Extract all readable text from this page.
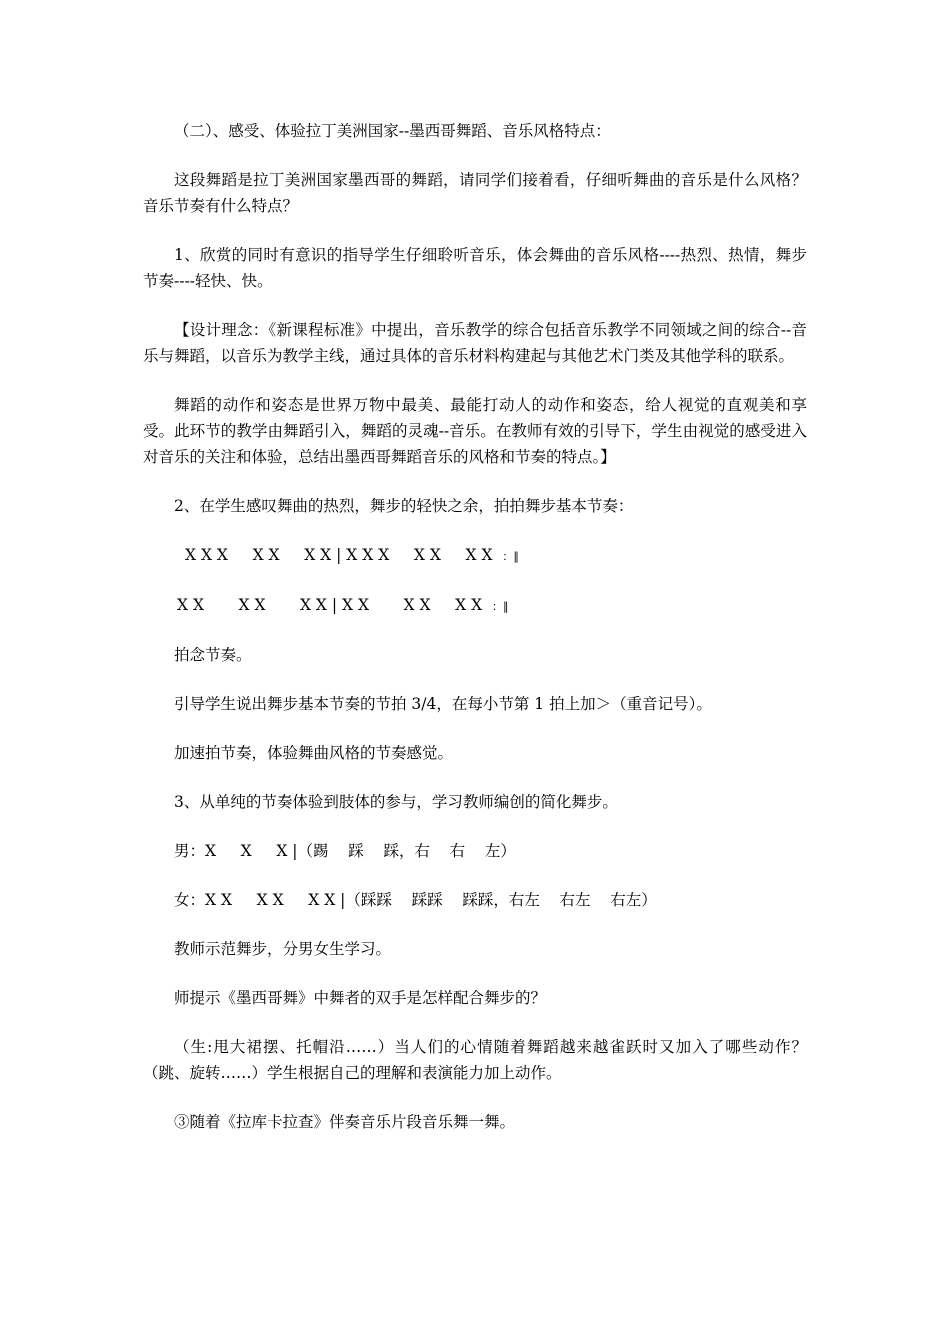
（二）、感受、体验拉丁美洲国家--墨西哥舞蹈、音乐风格特点：

这段舞蹈是拉丁美洲国家墨西哥的舞蹈，请同学们接着看，仔细听舞曲的音乐是什么风格？音乐节奏有什么特点？

1、欣赏的同时有意识的指导学生仔细聆听音乐，体会舞曲的音乐风格----热烈、热情，舞步节奏----轻快、快。

【设计理念：《新课程标准》中提出，音乐教学的综合包括音乐教学不同领域之间的综合--音乐与舞蹈，以音乐为教学主线，通过具体的音乐材料构建起与其他艺术门类及其他学科的联系。

舞蹈的动作和姿态是世界万物中最美、最能打动人的动作和姿态，给人视觉的直观美和享受。此环节的教学由舞蹈引入，舞蹈的灵魂--音乐。在教师有效的引导下，学生由视觉的感受进入对音乐的关注和体验，总结出墨西哥舞蹈音乐的风格和节奏的特点。】

2、在学生感叹舞曲的热烈，舞步的轻快之余，拍拍舞步基本节奏：

X X X     X X     X X | X X X     X X     X X  ：‖
X X       X X       X X | X X       X X     X X  ：‖

拍念节奏。

引导学生说出舞步基本节奏的节拍 3/4，在每小节第 1 拍上加＞（重音记号）。

加速拍节奏，体验舞曲风格的节奏感觉。

3、从单纯的节奏体验到肢体的参与，学习教师编创的简化舞步。

男：X     X     X |（踢    踩    踩，右    右    左）

女：X X     X X     X X |（踩踩    踩踩    踩踩，右左    右左    右左）

教师示范舞步，分男女生学习。

师提示《墨西哥舞》中舞者的双手是怎样配合舞步的？

（生:甩大裙摆、托帽沿……）当人们的心情随着舞蹈越来越雀跃时又加入了哪些动作？（跳、旋转……）学生根据自己的理解和表演能力加上动作。

③随着《拉库卡拉查》伴奏音乐片段音乐舞一舞。
